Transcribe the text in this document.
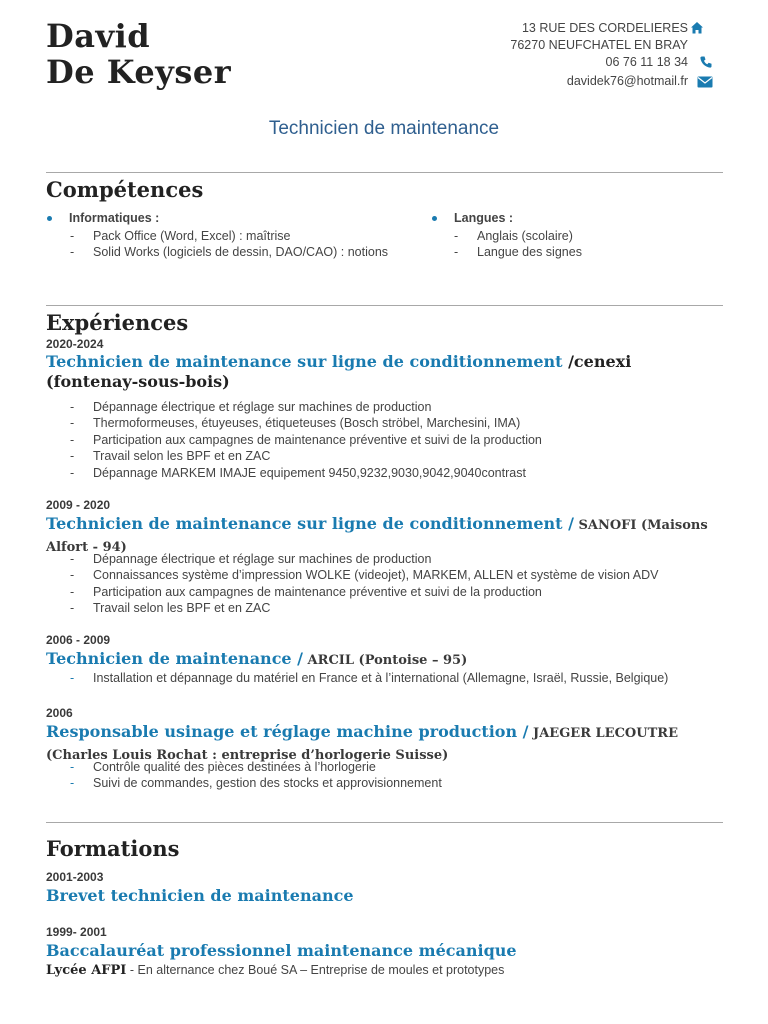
David
De Keyser
13 RUE DES CORDELIERES
76270 NEUFCHATEL EN BRAY
06 76 11 18 34
davidek76@hotmail.fr
Technicien de maintenance
Compétences
Informatiques :
- Pack Office (Word, Excel) : maîtrise
- Solid Works (logiciels de dessin, DAO/CAO) : notions
Langues :
- Anglais (scolaire)
- Langue des signes
Expériences
2020-2024
Technicien de maintenance sur ligne de conditionnement /cenexi (fontenay-sous-bois)
- Dépannage électrique et réglage sur machines de production
- Thermoformeuses, étuyeuses, étiqueteuses (Bosch ströbel, Marchesini, IMA)
- Participation aux campagnes de maintenance préventive et suivi de la production
- Travail selon les BPF et en ZAC
- Dépannage MARKEM IMAJE equipement 9450,9232,9030,9042,9040contrast
2009 - 2020
Technicien de maintenance sur ligne de conditionnement / SANOFI (Maisons Alfort - 94)
- Dépannage électrique et réglage sur machines de production
- Connaissances système d’impression WOLKE (videojet), MARKEM, ALLEN et système de vision ADV
- Participation aux campagnes de maintenance préventive et suivi de la production
- Travail selon les BPF et en ZAC
2006 - 2009
Technicien de maintenance / ARCIL (Pontoise – 95)
- Installation et dépannage du matériel en France et à l’international (Allemagne, Israël, Russie, Belgique)
2006
Responsable usinage et réglage machine production / JAEGER LECOUTRE (Charles Louis Rochat : entreprise d’horlogerie Suisse)
- Contrôle qualité des pièces destinées à l’horlogerie
- Suivi de commandes, gestion des stocks et approvisionnement
Formations
2001-2003
Brevet technicien de maintenance
1999- 2001
Baccalauréat professionnel maintenance mécanique
Lycée AFPI - En alternance chez Boué SA – Entreprise de moules et prototypes
